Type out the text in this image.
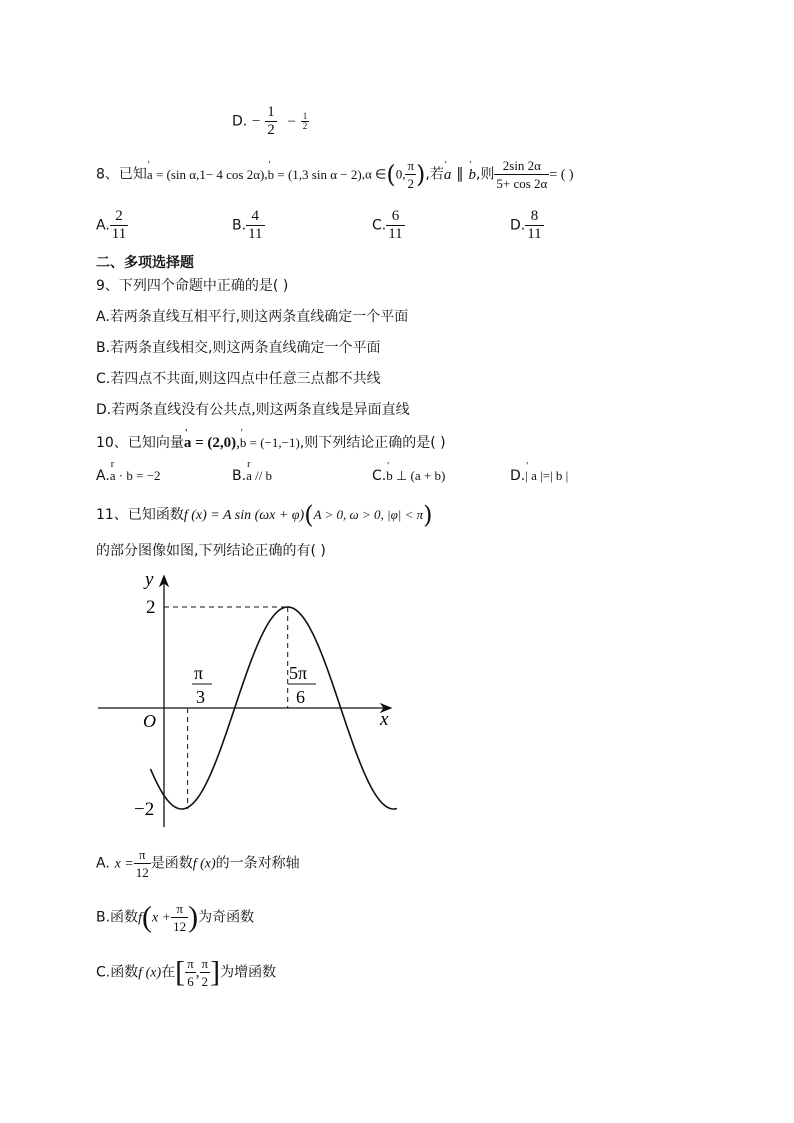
D. − $\frac{1}{2} - \frac{1}{2}$
8、已知' a = (sin α,1− 4 cos 2α),' b = (1,3 sin α − 2),α ∈(0, $\frac{\pi}{2}$ ),若' a ∥ ' b,则 $\frac{2\sin 2\alpha}{5+ \cos 2\alpha}$ = ( )
A. $\frac{2}{11}$	B. $\frac{4}{11}$	C. $\frac{6}{11}$	D. $\frac{8}{11}$
二、多项选择题
9、下列四个命题中正确的是( )
A.若两条直线互相平行,则这两条直线确定一个平面
B.若两条直线相交,则这两条直线确定一个平面
C.若四点不共面,则这四点中任意三点都不共线
D.若两条直线没有公共点,则这两条直线是异面直线
10、已知向量' a = (2,0),' b = (−1,−1),则下列结论正确的是( )
A.r a · b = −2	B.r a // b	C.' b ⊥ (a + b)	D.' | a |=| b |
11、已知函数f (x) = A sin (ωx + φ)(A > 0, ω > 0, |φ| < π)
的部分图像如图,下列结论正确的有( )
y
x
O
2
−2
π
3
5π
6
A. $x = \frac{\pi}{12}$ 是函数f (x)的一条对称轴
B.函数$f(x + \frac{\pi}{12}$ )为奇函数
C.函数f (x)在[ $\frac{\pi}{6}$ , $\frac{\pi}{2}$ ]为增函数
